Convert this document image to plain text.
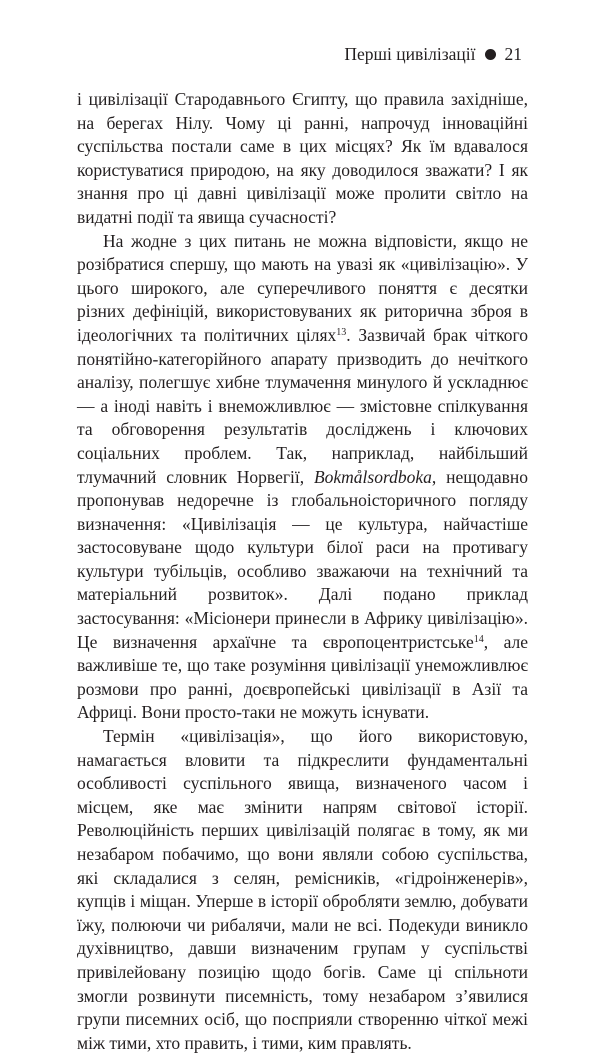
Перші цивілізації 21

і цивілізації Стародавнього Єгипту, що правила західніше, на берегах Нілу. Чому ці ранні, напрочуд інноваційні суспільства постали саме в цих місцях? Як їм вдавалося користуватися природою, на яку доводилося зважати? І як знання про ці давні цивілізації може пролити світло на видатні події та явища сучасності?

На жодне з цих питань не можна відповісти, якщо не розібратися спершу, що мають на увазі як «цивілізацію». У цього широкого, але суперечливого поняття є десятки різних дефініцій, використовуваних як риторична зброя в ідеологічних та політичних цілях$^{13}$. Зазвичай брак чіткого понятійно-категорійного апарату призводить до нечіткого аналізу, полегшує хибне тлумачення минулого й ускладнює — а іноді навіть і внеможливлює — змістовне спілкування та обговорення результатів досліджень і ключових соціальних проблем. Так, наприклад, найбільший тлумачний словник Норвегії, Bokmålsordboka, нещодавно пропонував недоречне із глобальноісторичного погляду визначення: «Цивілізація — це культура, найчастіше застосовуване щодо культури білої раси на противагу культури тубільців, особливо зважаючи на технічний та матеріальний розвиток». Далі подано приклад застосування: «Місіонери принесли в Африку цивілізацію». Це визначення архаїчне та європоцентристське$^{14}$, але важливіше те, що таке розуміння цивілізації унеможливлює розмови про ранні, доєвропейські цивілізації в Азії та Африці. Вони просто-таки не можуть існувати.

Термін «цивілізація», що його використовую, намагається вловити та підкреслити фундаментальні особливості суспільного явища, визначеного часом і місцем, яке має змінити напрям світової історії. Революційність перших цивілізацій полягає в тому, як ми незабаром побачимо, що вони являли собою суспільства, які складалися з селян, ремісників, «гідроінженерів», купців і міщан. Уперше в історії обробляти землю, добувати їжу, полюючи чи рибалячи, мали не всі. Подекуди виникло духівництво, давши визначеним групам у суспільстві привілейовану позицію щодо богів. Саме ці спільноти змогли розвинути писемність, тому незабаром з’явилися групи писемних осіб, що посприяли створенню чіткої межі між тими, хто править, і тими, ким правлять.
